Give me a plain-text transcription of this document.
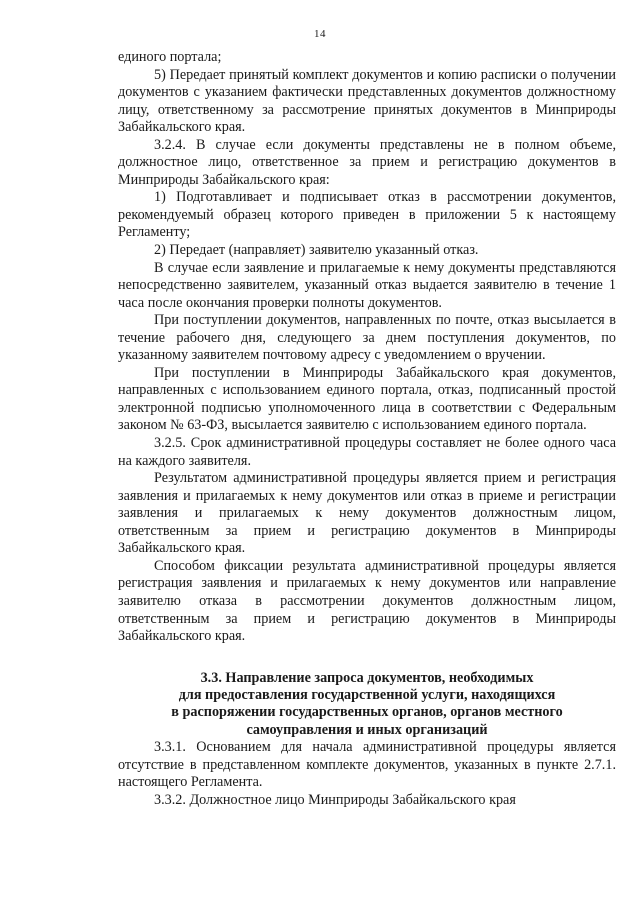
14

единого портала;

5) Передает принятый комплект документов и копию расписки о получении документов с указанием фактически представленных документов должностному лицу, ответственному за рассмотрение принятых документов в Минприроды Забайкальского края.

3.2.4. В случае если документы представлены не в полном объеме, должностное лицо, ответственное за прием и регистрацию документов в Минприроды Забайкальского края:

1) Подготавливает и подписывает отказ в рассмотрении документов, рекомендуемый образец которого приведен в приложении 5 к настоящему Регламенту;

2) Передает (направляет) заявителю указанный отказ.

В случае если заявление и прилагаемые к нему документы представляются непосредственно заявителем, указанный отказ выдается заявителю в течение 1 часа после окончания проверки полноты документов.

При поступлении документов, направленных по почте, отказ высылается в течение рабочего дня, следующего за днем поступления документов, по указанному заявителем почтовому адресу с уведомлением о вручении.

При поступлении в Минприроды Забайкальского края документов, направленных с использованием единого портала, отказ, подписанный простой электронной подписью уполномоченного лица в соответствии с Федеральным законом № 63-ФЗ, высылается заявителю с использованием единого портала.

3.2.5. Срок административной процедуры составляет не более одного часа на каждого заявителя.

Результатом административной процедуры является прием и регистрация заявления и прилагаемых к нему документов или отказ в приеме и регистрации заявления и прилагаемых к нему документов должностным лицом, ответственным за прием и регистрацию документов в Минприроды Забайкальского края.

Способом фиксации результата административной процедуры является регистрация заявления и прилагаемых к нему документов или направление заявителю отказа в рассмотрении документов должностным лицом, ответственным за прием и регистрацию документов в Минприроды Забайкальского края.

3.3. Направление запроса документов, необходимых
для предоставления государственной услуги, находящихся
в распоряжении государственных органов, органов местного
самоуправления и иных организаций

3.3.1. Основанием для начала административной процедуры является отсутствие в представленном комплекте документов, указанных в пункте 2.7.1. настоящего Регламента.

3.3.2. Должностное лицо Минприроды Забайкальского края
